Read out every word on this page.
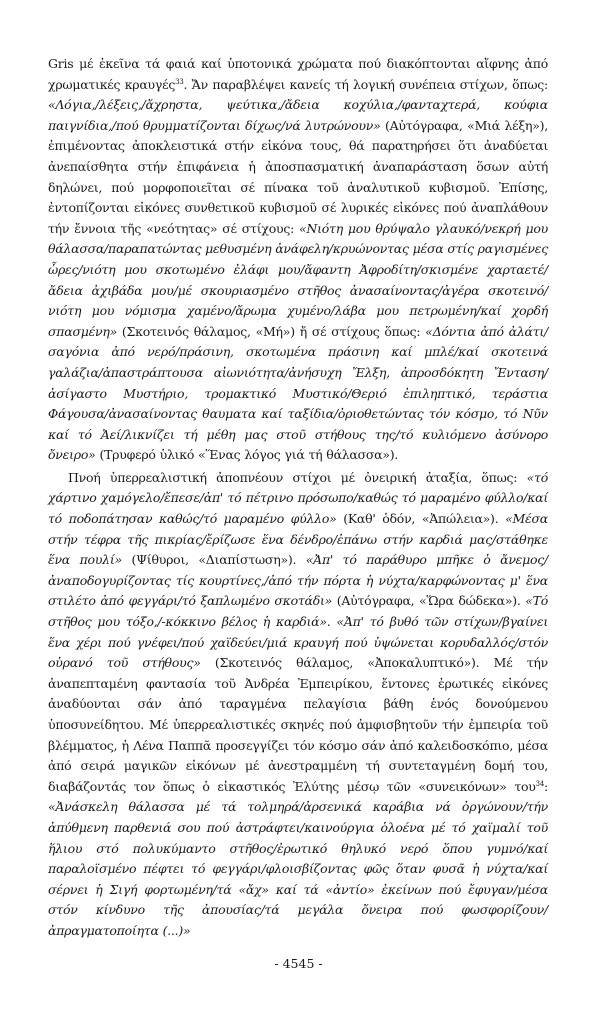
Gris μέ ἐκεῖνα τά φαιά καί ὑποτονικά χρώματα πού διακόπτονται αἴφνης ἀπό χρωματικές κραυγές$^{33}$. Ἄν παραβλέψει κανείς τή λογική συνέπεια στίχων, ὅπως: «Λόγια,/λέξεις,/ἄχρηστα, ψεύτικα,/ἄδεια κοχύλια,/φανταχτερά, κούφια παιγνίδια,/πού θρυμματίζονται δίχως/νά λυτρώνουν» (Αὐτόγραφα, «Μιά λέξη»), ἐπιμένοντας ἀποκλειστικά στήν εἰκόνα τους, θά παρατηρήσει ὅτι ἀναδύεται ἀνεπαίσθητα στήν ἐπιφάνεια ἡ ἀποσπασματική ἀναπαράσταση ὅσων αὐτή δηλώνει, πού μορφοποιεῖται σέ πίνακα τοῦ ἀναλυτικοῦ κυβισμοῦ. Ἐπίσης, ἐντοπίζονται εἰκόνες συνθετικοῦ κυβισμοῦ σέ λυρικές εἰκόνες πού ἀναπλάθουν τήν ἔννοια τῆς «νεότητας» σέ στίχους: «Νιότη μου θρύψαλο γλαυκό/νεκρή μου θάλασσα/παραπατώντας μεθυσμένη ἀνάφελη/κρυώνοντας μέσα στίς ραγισμένες ὧρες/νιότη μου σκοτωμένο ἐλάφι μου/ἄφαντη Ἀφροδίτη/σκισμένε χαρταετέ/ἄδεια ἀχιβάδα μου/μέ σκουριασμένο στῆθος ἀνασαίνοντας/ἀγέρα σκοτεινό/νιότη μου νόμισμα χαμένο/ἄρωμα χυμένο/λάβα μου πετρωμένη/καί χορδή σπασμένη» (Σκοτεινός θάλαμος, «Μή») ἤ σέ στίχους ὅπως: «Δόντια ἀπό ἀλάτι/σαγόνια ἀπό νερό/πράσινη, σκοτωμένα πράσινη καί μπλέ/καί σκοτεινά γαλάζια/ἀπαστράπτουσα αἰωνιότητα/ἀνήσυχη Ἔλξη, ἀπροσδόκητη Ἔνταση/ἀσίγαστο Μυστήριο, τρομακτικό Μυστικό/Θεριό ἐπιληπτικό, τεράστια Φάγουσα/ἀνασαίνοντας θαυματα καί ταξίδια/ὀριοθετώντας τόν κόσμο, τό Νῦν καί τό Ἀεί/λικνίζει τή μέθη μας στοῦ στήθους της/τό κυλιόμενο ἀσύνορο ὄνειρο» (Τρυφερό ὑλικό «Ἕνας λόγος γιά τή θάλασσα»).

Πνοή ὑπερρεαλιστική ἀποπνέουν στίχοι μέ ὀνειρική ἀταξία, ὅπως: «τό χάρτινο χαμόγελο/ἔπεσε/ἀπ' τό πέτρινο πρόσωπο/καθώς τό μαραμένο φύλλο/καί τό ποδοπάτησαν καθώς/τό μαραμένο φύλλο» (Καθ' ὁδόν, «Ἀπώλεια»). «Μέσα στήν τέφρα τῆς πικρίας/ἔρίζωσε ἕνα δένδρο/ἐπάνω στήν καρδιά μας/στάθηκε ἕνα πουλί» (Ψίθυροι, «Διαπίστωση»). «Ἀπ' τό παράθυρο μπῆκε ὁ ἄνεμος/ἀναποδογυρίζοντας τίς κουρτίνες,/ἀπό τήν πόρτα ἡ νύχτα/καρφώνοντας μ' ἕνα στιλέτο ἀπό φεγγάρι/τό ξαπλωμένο σκοτάδι» (Αὐτόγραφα, «Ὥρα δώδεκα»). «Τό στῆθος μου τόξο,/-κόκκινο βέλος ἡ καρδιά». «Ἀπ' τό βυθό τῶν στίχων/βγαίνει ἕνα χέρι πού γνέφει/πού χαϊδεύει/μιά κραυγή πού ὑψώνεται κορυδαλλός/στόν οὐρανό τοῦ στήθους» (Σκοτεινός θάλαμος, «Ἀποκαλυπτικό»). Μέ τήν ἀναπεπταμένη φαντασία τοῦ Ἀνδρέα Ἐμπειρίκου, ἔντονες ἐρωτικές εἰκόνες ἀναδύονται σάν ἀπό ταραγμένα πελαγίσια βάθη ἑνός δονούμενου ὑποσυνείδητου. Μέ ὑπερρεαλιστικές σκηνές πού ἀμφισβητοῦν τήν ἐμπειρία τοῦ βλέμματος, ἡ Λένα Παππᾶ προσεγγίζει τόν κόσμο σάν ἀπό καλειδοσκόπιο, μέσα ἀπό σειρά μαγικῶν εἰκόνων μέ ἀνεστραμμένη τή συντεταγμένη δομή του, διαβάζοντάς τον ὅπως ὁ εἰκαστικός Ἐλύτης μέσῳ τῶν «συνεικόνων» του$^{34}$: «Ἀνάσκελη θάλασσα μέ τά τολμηρά/ἀρσενικά καράβια νά ὀργώνουν/τήν ἀπύθμενη παρθενιά σου πού ἀστράφτει/καινούργια ὁλοένα μέ τό χαϊμαλί τοῦ ἥλιου στό πολυκύμαντο στῆθος/ἐρωτικό θηλυκό νερό ὅπου γυμνό/καί παραλοϊσμένο πέφτει τό φεγγάρι/φλοισβίζοντας φῶς ὅταν φυσᾶ ἡ νύχτα/καί σέρνει ἡ Σιγή φορτωμένη/τά «ἄχ» καί τά «ἀντίο» ἐκείνων πού ἔφυγαν/μέσα στόν κίνδυνο τῆς ἀπουσίας/τά μεγάλα ὄνειρα πού φωσφορίζουν/ἀπραγματοποίητα (...)»

- 4545 -
